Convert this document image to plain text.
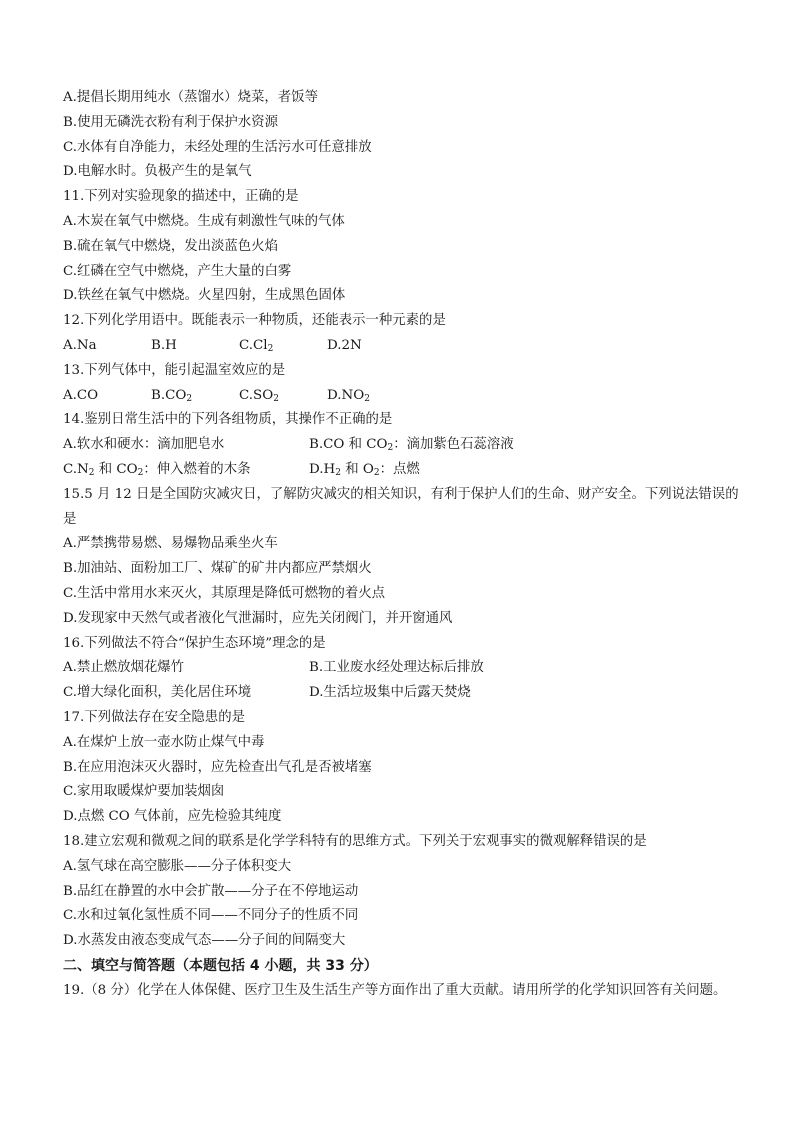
A.提倡长期用纯水（蒸馏水）烧菜，者饭等
B.使用无磷洗衣粉有利于保护水资源
C.水体有自净能力，未经处理的生活污水可任意排放
D.电解水时。负极产生的是氧气
11.下列对实验现象的描述中，正确的是
A.木炭在氧气中燃烧。生成有刺激性气味的气体
B.硫在氧气中燃烧，发出淡蓝色火焰
C.红磷在空气中燃烧，产生大量的白雾
D.铁丝在氧气中燃烧。火星四射，生成黑色固体
12.下列化学用语中。既能表示一种物质，还能表示一种元素的是
A.Na	B.H	$C.Cl_2$	D.2N
13.下列气体中，能引起温室效应的是
A.CO	$B.CO_2$	$C.SO_2$	$D.NO_2$
14.鉴别日常生活中的下列各组物质，其操作不正确的是
A.软水和硬水：滴加肥皂水	B.CO 和 $CO_2$：滴加紫色石蕊溶液
$C.N_2$ 和 $CO_2$：伸入燃着的木条	$D.H_2$ 和 $O_2$：点燃
15.5 月 12 日是全国防灾减灾日，了解防灾减灾的相关知识，有利于保护人们的生命、财产安全。下列说法错误的是
A.严禁携带易燃、易爆物品乘坐火车
B.加油站、面粉加工厂、煤矿的矿井内都应严禁烟火
C.生活中常用水来灭火，其原理是降低可燃物的着火点
D.发现家中天然气或者液化气泄漏时，应先关闭阀门，并开窗通风
16.下列做法不符合“保护生态环境”理念的是
A.禁止燃放烟花爆竹	B.工业废水经处理达标后排放
C.增大绿化面积，美化居住环境	D.生活垃圾集中后露天焚烧
17.下列做法存在安全隐患的是
A.在煤炉上放一壶水防止煤气中毒
B.在应用泡沫灭火器时，应先检查出气孔是否被堵塞
C.家用取暖煤炉要加装烟囱
D.点燃 CO 气体前，应先检验其纯度
18.建立宏观和微观之间的联系是化学学科特有的思维方式。下列关于宏观事实的微观解释错误的是
A.氢气球在高空膨胀——分子体积变大
B.品红在静置的水中会扩散——分子在不停地运动
C.水和过氧化氢性质不同——不同分子的性质不同
D.水蒸发由液态变成气态——分子间的间隔变大
二、填空与简答题（本题包括 4 小题，共 33 分）
19.（8 分）化学在人体保健、医疗卫生及生活生产等方面作出了重大贡献。请用所学的化学知识回答有关问题。
